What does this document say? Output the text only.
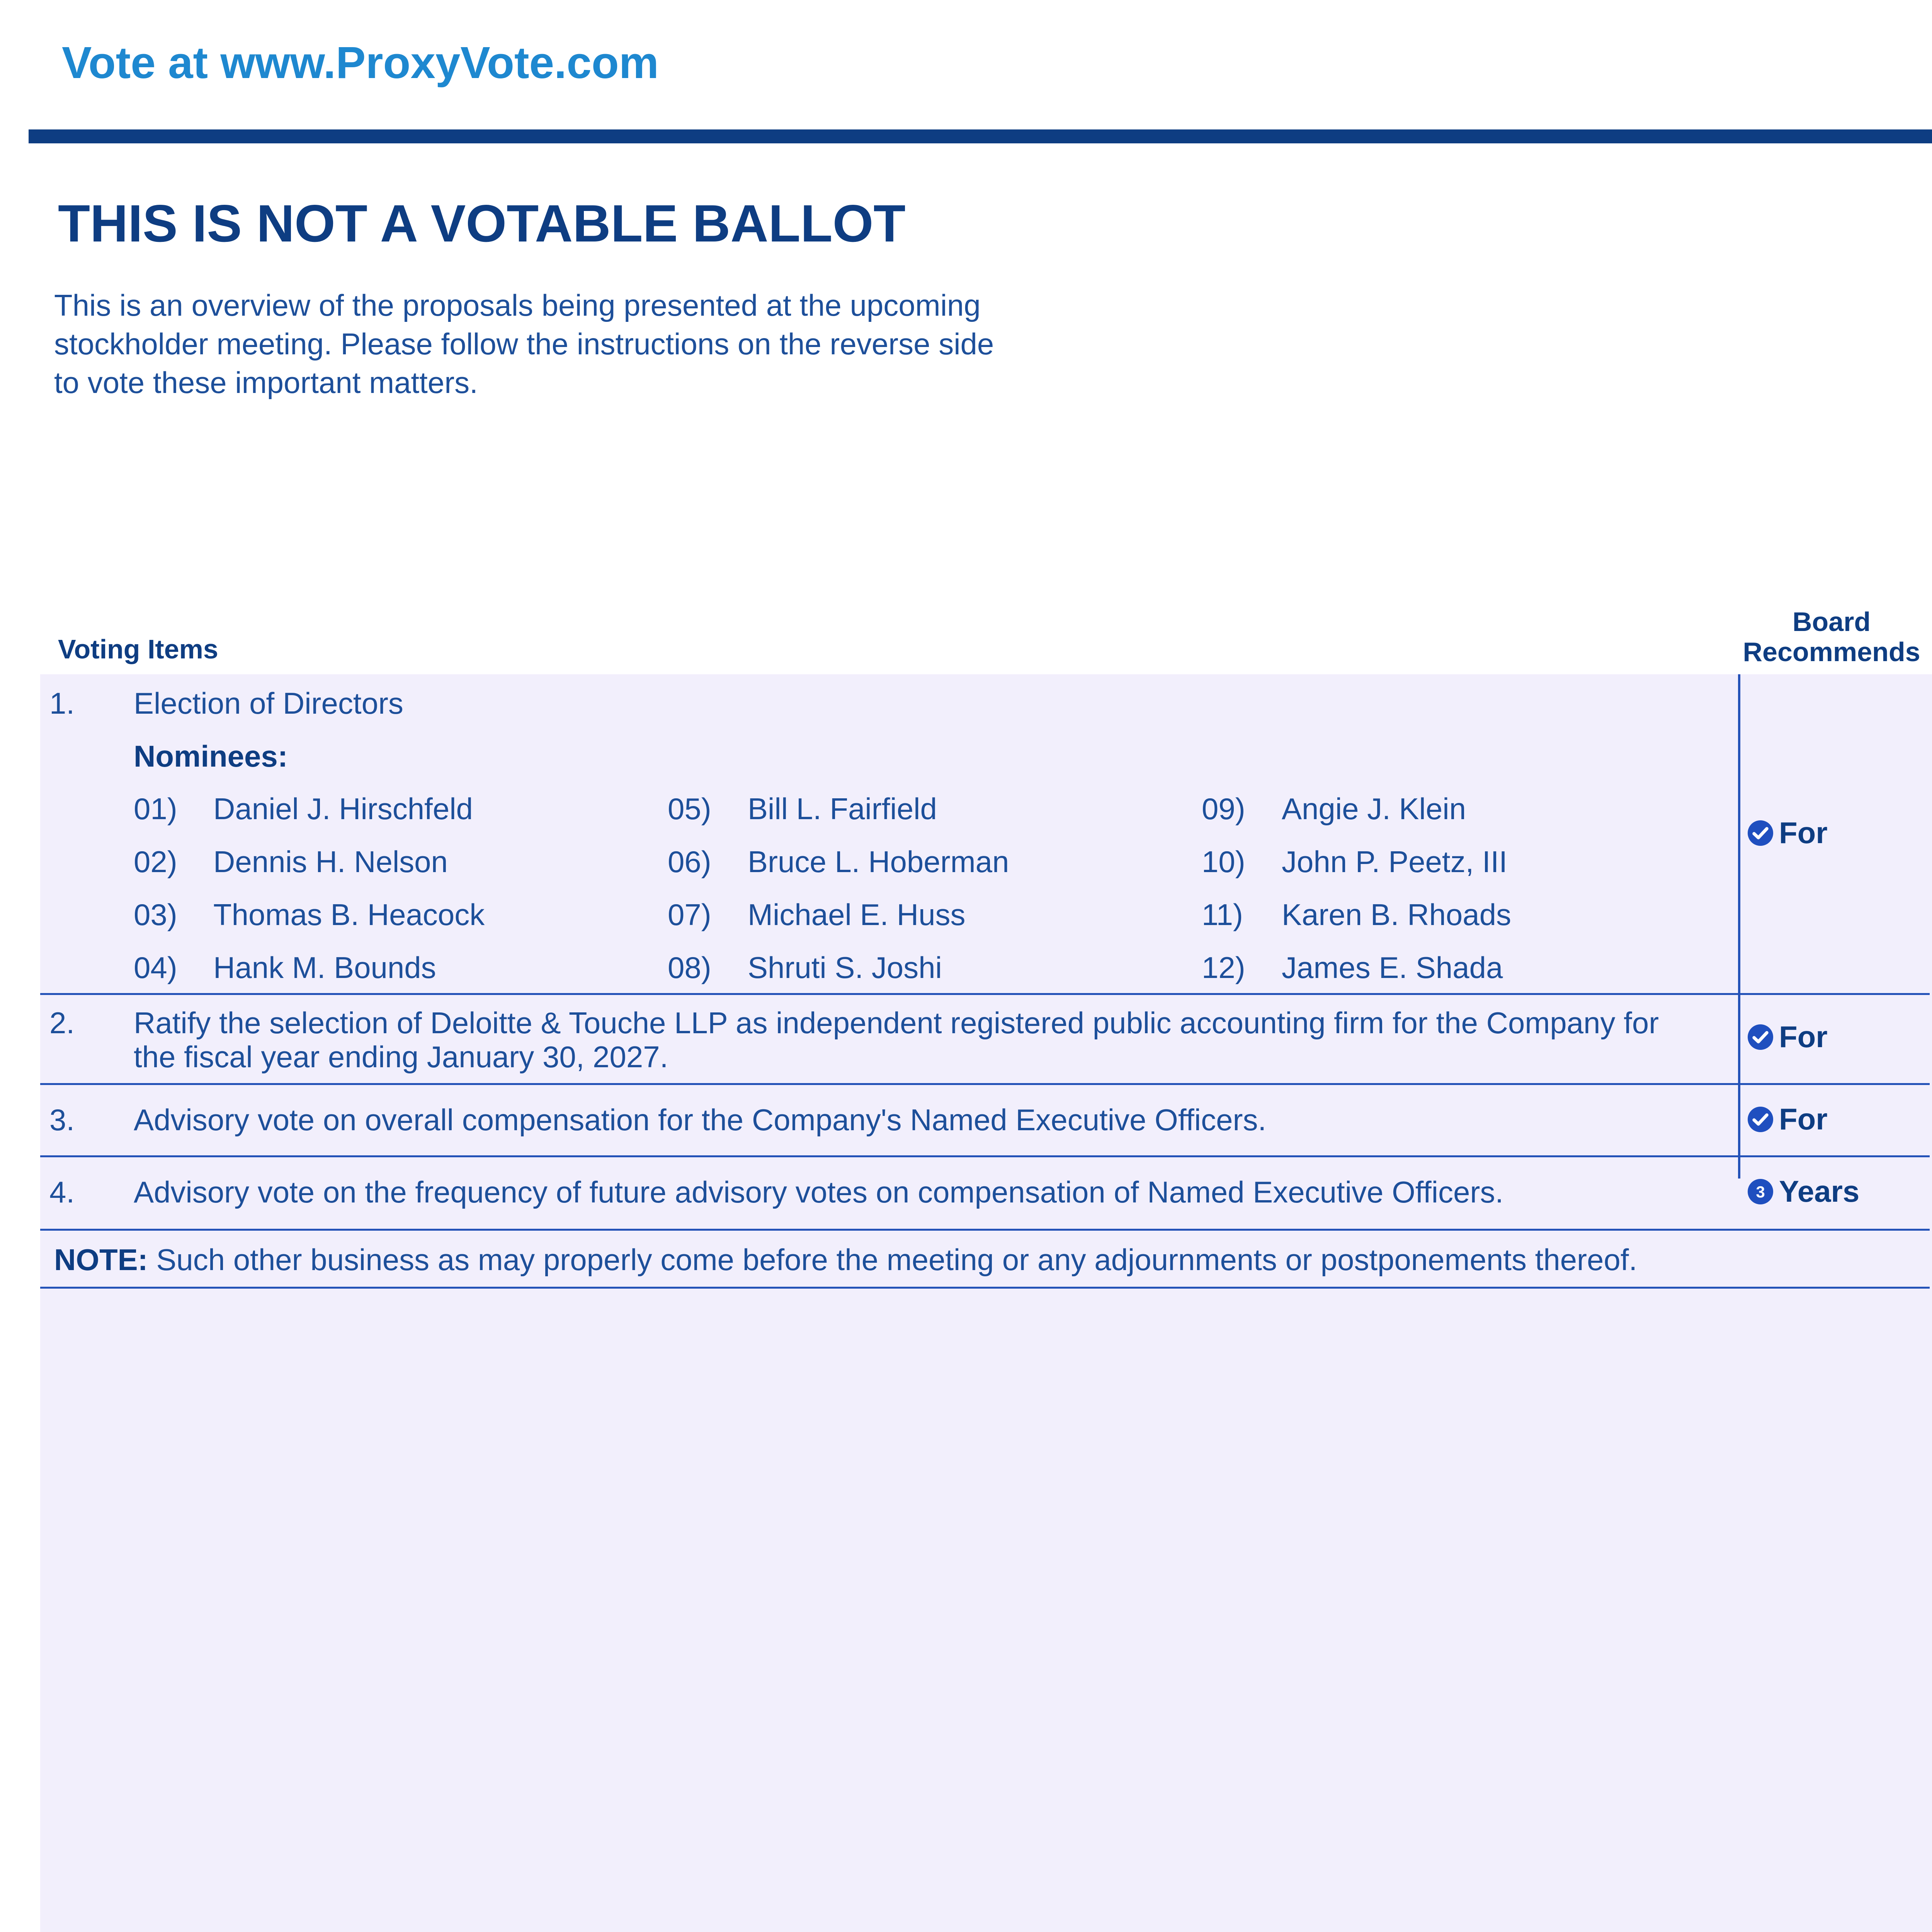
Vote at www.ProxyVote.com
THIS IS NOT A VOTABLE BALLOT
This is an overview of the proposals being presented at the upcoming stockholder meeting. Please follow the instructions on the reverse side to vote these important matters.
Voting Items
Board Recommends
1. Election of Directors
Nominees:
01) Daniel J. Hirschfeld
02) Dennis H. Nelson
03) Thomas B. Heacock
04) Hank M. Bounds
05) Bill L. Fairfield
06) Bruce L. Hoberman
07) Michael E. Huss
08) Shruti S. Joshi
09) Angie J. Klein
10) John P. Peetz, III
11) Karen B. Rhoads
12) James E. Shada
For
2. Ratify the selection of Deloitte & Touche LLP as independent registered public accounting firm for the Company for
the fiscal year ending January 30, 2027.
For
3. Advisory vote on overall compensation for the Company's Named Executive Officers.	For
4. Advisory vote on the frequency of future advisory votes on compensation of Named Executive Officers.	3 Years
NOTE: Such other business as may properly come before the meeting or any adjournments or postponements thereof.
